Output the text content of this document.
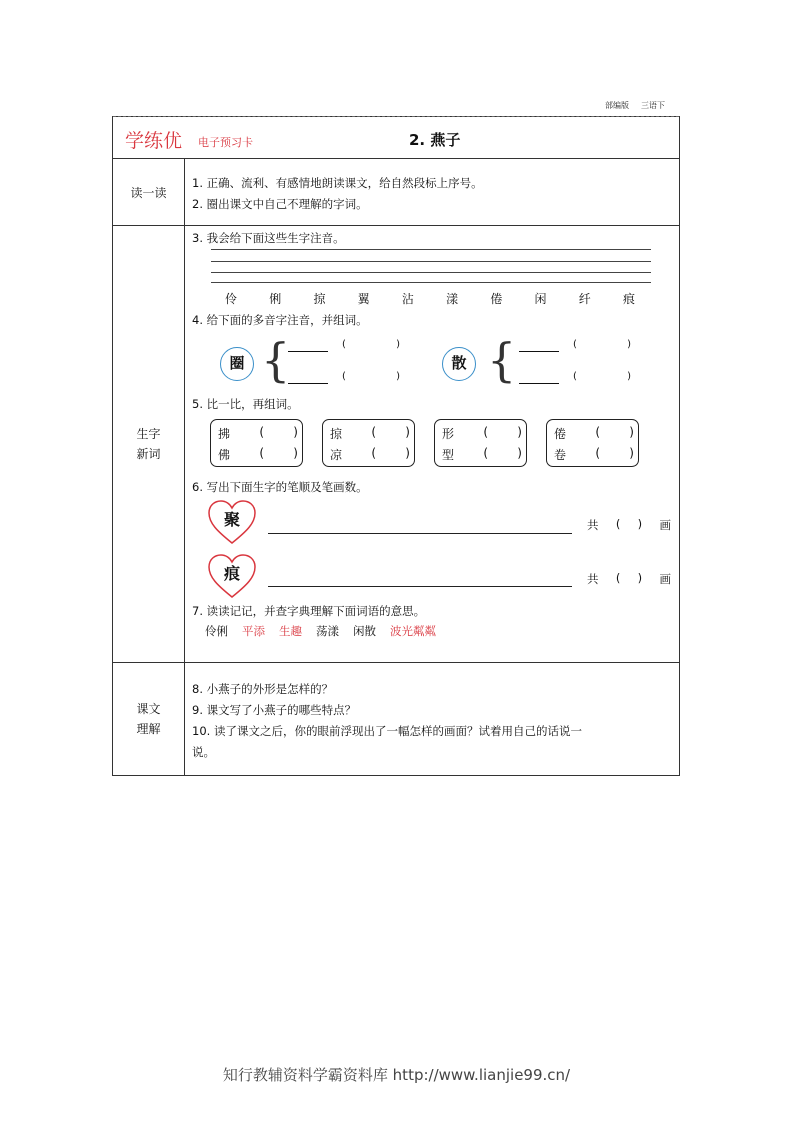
部编版 三语下
学练优 电子预习卡	2. 燕子
读一读
1. 正确、流利、有感情地朗读课文，给自然段标上序号。
2. 圈出课文中自己不理解的字词。
生字
新词
3. 我会给下面这些生字注音。
伶	俐	掠	翼	沾	漾	倦	闲	纤	痕
4. 给下面的多音字注音，并组词。
圈 {	(	)
(	)
散 {	(	)
(	)
5. 比一比，再组词。
拂 ( )
佛 ( )
掠 ( )
凉 ( )
形 ( )
型 ( )
倦 ( )
卷 ( )
6. 写出下面生字的笔顺及笔画数。
聚	共 ( ) 画
痕	共 ( ) 画
7. 读读记记，并查字典理解下面词语的意思。
伶俐 平添 生趣 荡漾 闲散 波光粼粼
课文
理解
8. 小燕子的外形是怎样的？
9. 课文写了小燕子的哪些特点？
10. 读了课文之后，你的眼前浮现出了一幅怎样的画面？试着用自己的话说一
说。
知行教辅资料学霸资料库 http://www.lianjie99.cn/
